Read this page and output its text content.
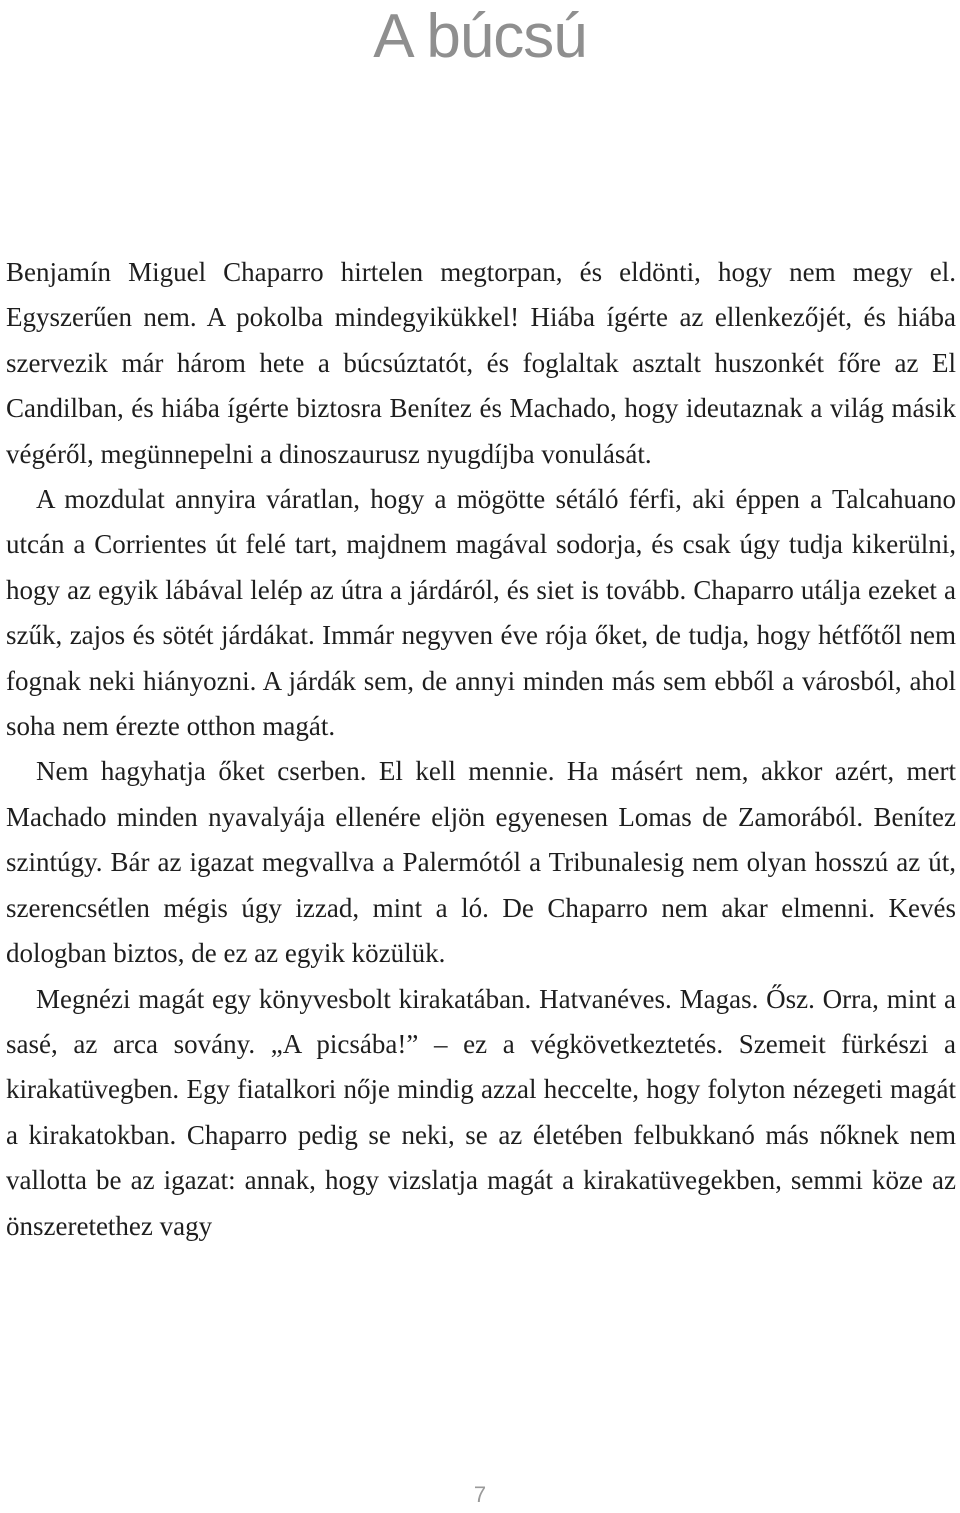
A búcsú

Benjamín Miguel Chaparro hirtelen megtorpan, és eldönti, hogy nem megy el. Egyszerűen nem. A pokolba mindegyikükkel! Hiába ígérte az ellenkezőjét, és hiába szervezik már három hete a búcsúztatót, és foglaltak asztalt huszonkét főre az El Candilban, és hiába ígérte biztosra Benítez és Machado, hogy ideutaznak a világ másik végéről, megünnepelni a dinoszaurusz nyugdíjba vonulását.

A mozdulat annyira váratlan, hogy a mögötte sétáló férfi, aki éppen a Talcahuano utcán a Corrientes út felé tart, majdnem magával sodorja, és csak úgy tudja kikerülni, hogy az egyik lábával lelép az útra a járdáról, és siet is tovább. Chaparro utálja ezeket a szűk, zajos és sötét járdákat. Immár negyven éve rója őket, de tudja, hogy hétfőtől nem fognak neki hiányozni. A járdák sem, de annyi minden más sem ebből a városból, ahol soha nem érezte otthon magát.

Nem hagyhatja őket cserben. El kell mennie. Ha másért nem, akkor azért, mert Machado minden nyavalyája ellenére eljön egyenesen Lomas de Zamorából. Benítez szintúgy. Bár az igazat megvallva a Palermótól a Tribunalesig nem olyan hosszú az út, szerencsétlen mégis úgy izzad, mint a ló. De Chaparro nem akar elmenni. Kevés dologban biztos, de ez az egyik közülük.

Megnézi magát egy könyvesbolt kirakatában. Hatvanéves. Magas. Ősz. Orra, mint a sasé, az arca sovány. „A picsába!” – ez a végkövetkeztetés. Szemeit fürkészi a kirakatüvegben. Egy fiatalkori nője mindig azzal heccelte, hogy folyton nézegeti magát a kirakatokban. Chaparro pedig se neki, se az életében felbukkanó más nőknek nem vallotta be az igazat: annak, hogy vizslatja magát a kirakatüvegekben, semmi köze az önszeretethez vagy

7
